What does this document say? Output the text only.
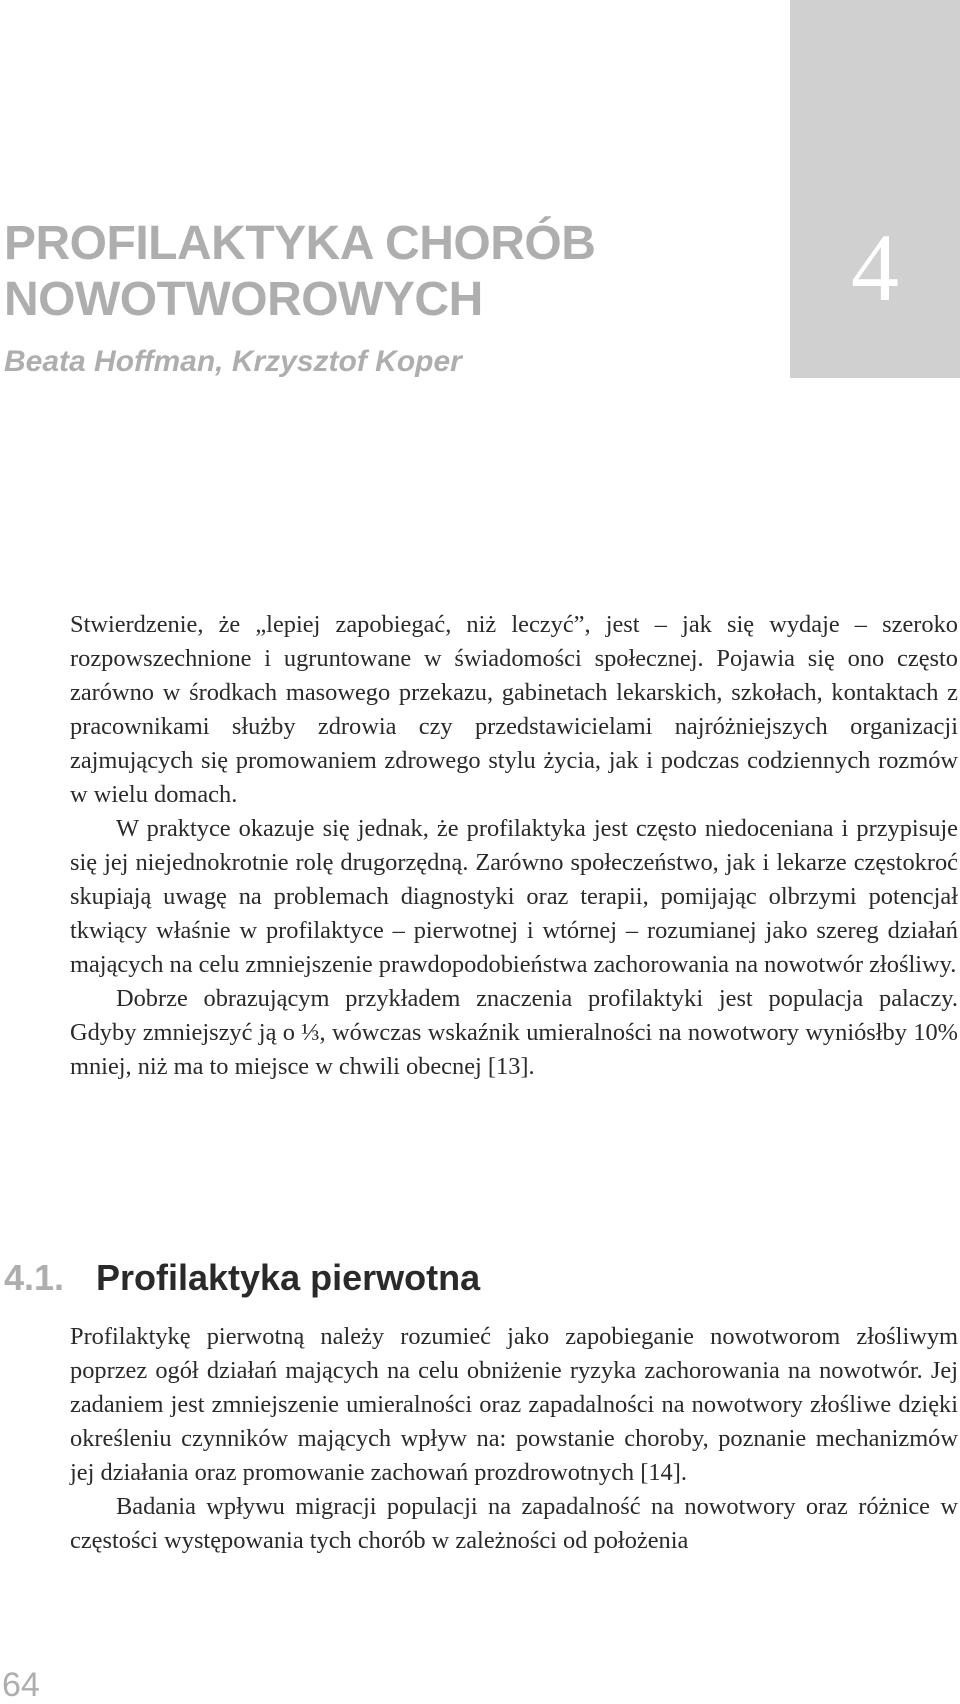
4
PROFILAKTYKA CHORÓB
NOWOTWOROWYCH

Beata Hoffman, Krzysztof Koper

Stwierdzenie, że „lepiej zapobiegać, niż leczyć”, jest – jak się wydaje – szeroko rozpowszechnione i ugruntowane w świadomości społecznej. Pojawia się ono często zarówno w środkach masowego przekazu, gabinetach lekarskich, szkołach, kontaktach z pracownikami służby zdrowia czy przedstawicielami najróżniejszych organizacji zajmujących się promowaniem zdrowego stylu życia, jak i podczas codziennych rozmów w wielu domach.

W praktyce okazuje się jednak, że profilaktyka jest często niedoceniana i przypisuje się jej niejednokrotnie rolę drugorzędną. Zarówno społeczeństwo, jak i lekarze częstokroć skupiają uwagę na problemach diagnostyki oraz terapii, pomijając olbrzymi potencjał tkwiący właśnie w profilaktyce – pierwotnej i wtórnej – rozumianej jako szereg działań mających na celu zmniejszenie prawdopodobieństwa zachorowania na nowotwór złośliwy.

Dobrze obrazującym przykładem znaczenia profilaktyki jest populacja palaczy. Gdyby zmniejszyć ją o ⅓, wówczas wskaźnik umieralności na nowotwory wyniósłby 10% mniej, niż ma to miejsce w chwili obecnej [13].

4.1. Profilaktyka pierwotna

Profilaktykę pierwotną należy rozumieć jako zapobieganie nowotworom złośliwym poprzez ogół działań mających na celu obniżenie ryzyka zachorowania na nowotwór. Jej zadaniem jest zmniejszenie umieralności oraz zapadalności na nowotwory złośliwe dzięki określeniu czynników mających wpływ na: powstanie choroby, poznanie mechanizmów jej działania oraz promowanie zachowań prozdrowotnych [14].

Badania wpływu migracji populacji na zapadalność na nowotwory oraz różnice w częstości występowania tych chorób w zależności od położenia

64
